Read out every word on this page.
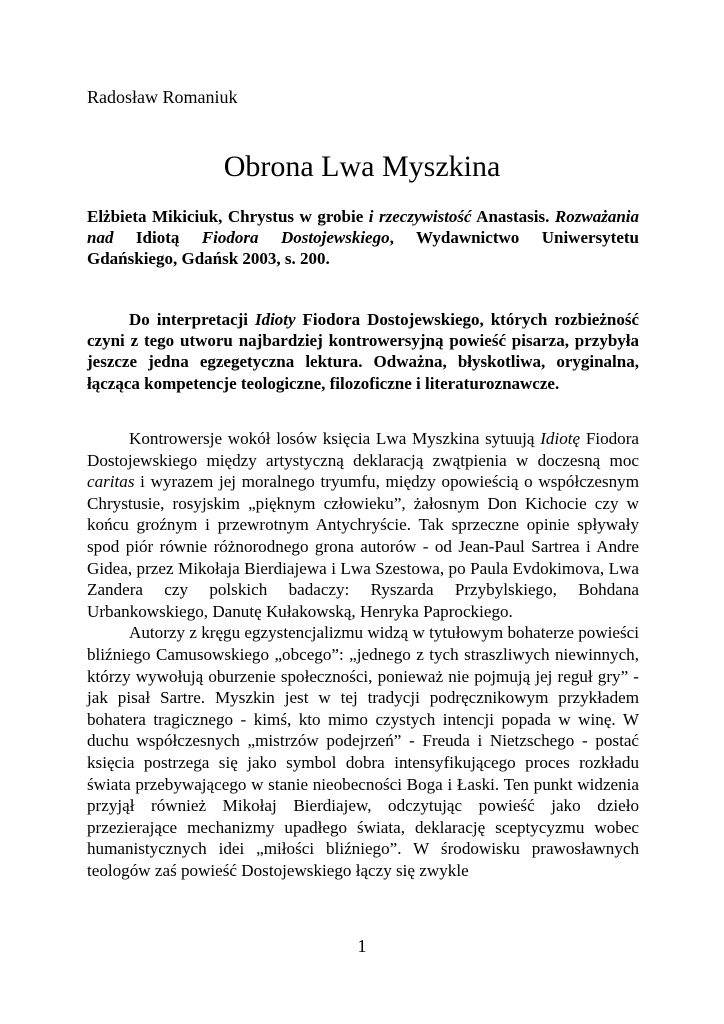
Radosław Romaniuk
Obrona Lwa Myszkina
Elżbieta Mikiciuk, Chrystus w grobie i rzeczywistość Anastasis. Rozważania nad Idiotą Fiodora Dostojewskiego, Wydawnictwo Uniwersytetu Gdańskiego, Gdańsk 2003, s. 200.
Do interpretacji Idioty Fiodora Dostojewskiego, których rozbieżność czyni z tego utworu najbardziej kontrowersyjną powieść pisarza, przybyła jeszcze jedna egzegetyczna lektura. Odważna, błyskotliwa, oryginalna, łącząca kompetencje teologiczne, filozoficzne i literaturoznawcze.

Kontrowersje wokół losów księcia Lwa Myszkina sytuują Idiotę Fiodora Dostojewskiego między artystyczną deklaracją zwątpienia w doczesną moc caritas i wyrazem jej moralnego tryumfu, między opowieścią o współczesnym Chrystusie, rosyjskim „pięknym człowieku”, żałosnym Don Kichocie czy w końcu groźnym i przewrotnym Antychryście. Tak sprzeczne opinie spływały spod piór równie różnorodnego grona autorów - od Jean-Paul Sartrea i Andre Gidea, przez Mikołaja Bierdiajewa i Lwa Szestowa, po Paula Evdokimova, Lwa Zandera czy polskich badaczy: Ryszarda Przybylskiego, Bohdana Urbankowskiego, Danutę Kułakowską, Henryka Paprockiego.

Autorzy z kręgu egzystencjalizmu widzą w tytułowym bohaterze powieści bliźniego Camusowskiego „obcego”: „jednego z tych straszliwych niewinnych, którzy wywołują oburzenie społeczności, ponieważ nie pojmują jej reguł gry” - jak pisał Sartre. Myszkin jest w tej tradycji podręcznikowym przykładem bohatera tragicznego - kimś, kto mimo czystych intencji popada w winę. W duchu współczesnych „mistrzów podejrzeń” - Freuda i Nietzschego - postać księcia postrzega się jako symbol dobra intensyfikującego proces rozkładu świata przebywającego w stanie nieobecności Boga i Łaski. Ten punkt widzenia przyjął również Mikołaj Bierdiajew, odczytując powieść jako dzieło przezierające mechanizmy upadłego świata, deklarację sceptycyzmu wobec humanistycznych idei „miłości bliźniego”. W środowisku prawosławnych teologów zaś powieść Dostojewskiego łączy się zwykle

1
